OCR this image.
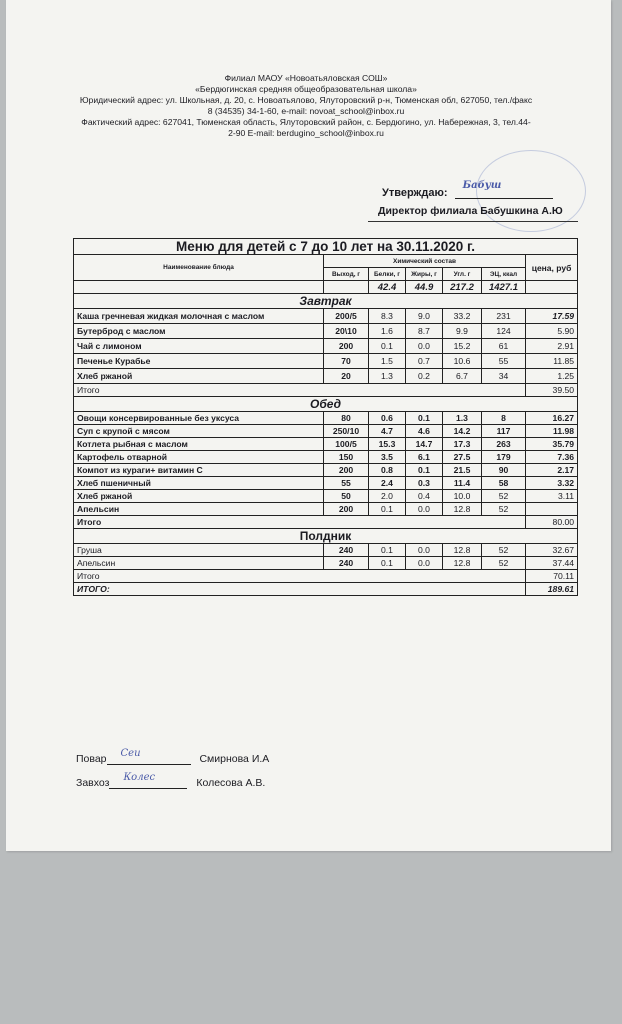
Филиал МАОУ «Новоатьяловская СОШ»
«Бердюгинская средняя общеобразовательная школа»
Юридический адрес: ул. Школьная, д. 20, с. Новоатьялово, Ялуторовский р-н, Тюменская обл, 627050, тел./факс
8 (34535) 34-1-60, e-mail: novoat_school@inbox.ru
Фактический адрес: 627041, Тюменская область, Ялуторовский район, с. Бердюгино, ул. Набережная, 3, тел.44-
2-90 E-mail: berdugino_school@inbox.ru
Утверждаю:
Бабуш
Директор филиала Бабушкина А.Ю
Меню для детей с 7 до 10 лет на 30.11.2020 г.						
Наименование блюда	Химический состав					цена, руб
	Выход, г	Белки, г	Жиры, г	Угл. г	ЭЦ, ккал	
		42.4	44.9	217.2	1427.1	
Завтрак						
Каша гречневая жидкая молочная с маслом	200/5	8.3	9.0	33.2	231	17.59
Бутерброд с маслом	20\10	1.6	8.7	9.9	124	5.90
Чай с лимоном	200	0.1	0.0	15.2	61	2.91
Печенье Курабье	70	1.5	0.7	10.6	55	11.85
Хлеб ржаной	20	1.3	0.2	6.7	34	1.25
Итого						39.50
Обед						
Овощи консервированные без уксуса	80	0.6	0.1	1.3	8	16.27
Суп с крупой с мясом	250/10	4.7	4.6	14.2	117	11.98
Котлета рыбная с маслом	100/5	15.3	14.7	17.3	263	35.79
Картофель отварной	150	3.5	6.1	27.5	179	7.36
Компот из кураги+ витамин С	200	0.8	0.1	21.5	90	2.17
Хлеб пшеничный	55	2.4	0.3	11.4	58	3.32
Хлеб ржаной	50	2.0	0.4	10.0	52	3.11
Апельсин	200	0.1	0.0	12.8	52	
Итого						80.00
Полдник						
Груша	240	0.1	0.0	12.8	52	32.67
Апельсин	240	0.1	0.0	12.8	52	37.44
Итого						70.11
ИТОГО:						189.61
Повар Сеи	Смирнова И.А
Завхоз Колес	Колесова А.В.
